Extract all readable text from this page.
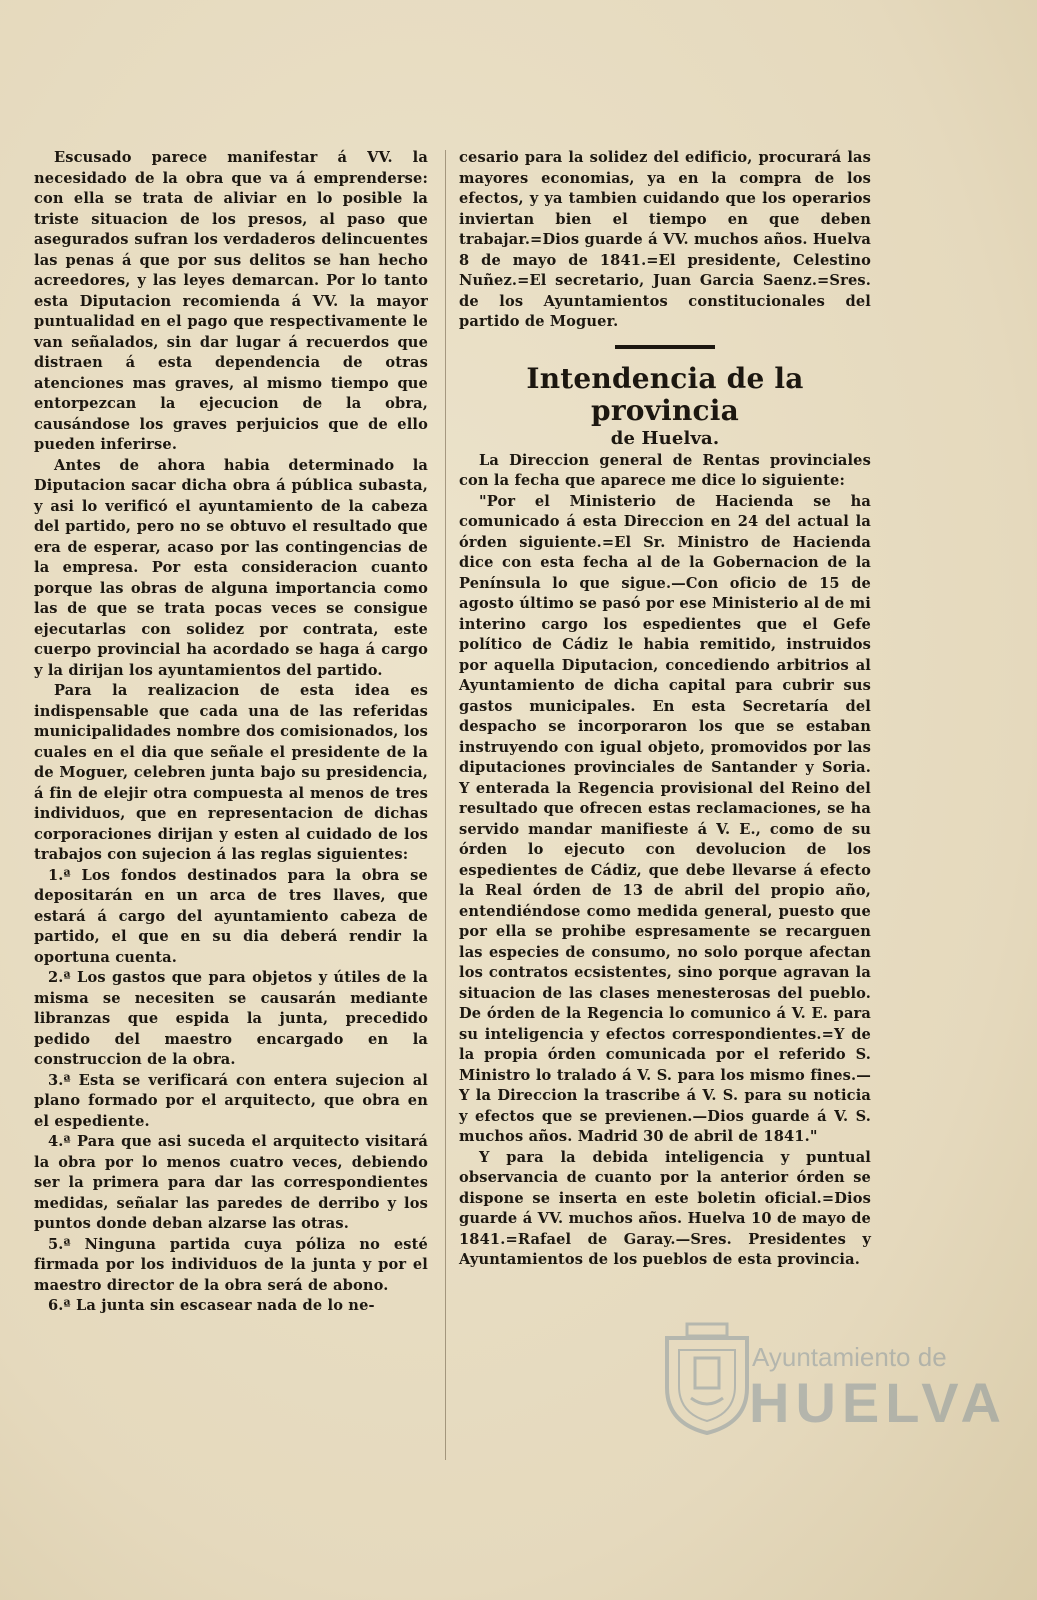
Escusado parece manifestar á VV. la necesidado de la obra que va á emprenderse: con ella se trata de aliviar en lo posible la triste situacion de los presos, al paso que asegurados sufran los verdaderos delincuentes las penas á que por sus delitos se han hecho acreedores, y las leyes demarcan. Por lo tanto esta Diputacion recomienda á VV. la mayor puntualidad en el pago que respectivamente le van señalados, sin dar lugar á recuerdos que distraen á esta dependencia de otras atenciones mas graves, al mismo tiempo que entorpezcan la ejecucion de la obra, causándose los graves perjuicios que de ello pueden inferirse.

Antes de ahora habia determinado la Diputacion sacar dicha obra á pública subasta, y asi lo verificó el ayuntamiento de la cabeza del partido, pero no se obtuvo el resultado que era de esperar, acaso por las contingencias de la empresa. Por esta consideracion cuanto porque las obras de alguna importancia como las de que se trata pocas veces se consigue ejecutarlas con solidez por contrata, este cuerpo provincial ha acordado se haga á cargo y la dirijan los ayuntamientos del partido.

Para la realizacion de esta idea es indispensable que cada una de las referidas municipalidades nombre dos comisionados, los cuales en el dia que señale el presidente de la de Moguer, celebren junta bajo su presidencia, á fin de elejir otra compuesta al menos de tres individuos, que en representacion de dichas corporaciones dirijan y esten al cuidado de los trabajos con sujecion á las reglas siguientes:

1.ª Los fondos destinados para la obra se depositarán en un arca de tres llaves, que estará á cargo del ayuntamiento cabeza de partido, el que en su dia deberá rendir la oportuna cuenta.

2.ª Los gastos que para objetos y útiles de la misma se necesiten se causarán mediante libranzas que espida la junta, precedido pedido del maestro encargado en la construccion de la obra.

3.ª Esta se verificará con entera sujecion al plano formado por el arquitecto, que obra en el espediente.

4.ª Para que asi suceda el arquitecto visitará la obra por lo menos cuatro veces, debiendo ser la primera para dar las correspondientes medidas, señalar las paredes de derribo y los puntos donde deban alzarse las otras.

5.ª Ninguna partida cuya póliza no esté firmada por los individuos de la junta y por el maestro director de la obra será de abono.

6.ª La junta sin escasear nada de lo ne-

cesario para la solidez del edificio, procurará las mayores economias, ya en la compra de los efectos, y ya tambien cuidando que los operarios inviertan bien el tiempo en que deben trabajar.=Dios guarde á VV. muchos años. Huelva 8 de mayo de 1841.=El presidente, Celestino Nuñez.=El secretario, Juan Garcia Saenz.=Sres. de los Ayuntamientos constitucionales del partido de Moguer.

Intendencia de la provincia

de Huelva.

La Direccion general de Rentas provinciales con la fecha que aparece me dice lo siguiente:

"Por el Ministerio de Hacienda se ha comunicado á esta Direccion en 24 del actual la órden siguiente.=El Sr. Ministro de Hacienda dice con esta fecha al de la Gobernacion de la Península lo que sigue.—Con oficio de 15 de agosto último se pasó por ese Ministerio al de mi interino cargo los espedientes que el Gefe político de Cádiz le habia remitido, instruidos por aquella Diputacion, concediendo arbitrios al Ayuntamiento de dicha capital para cubrir sus gastos municipales. En esta Secretaría del despacho se incorporaron los que se estaban instruyendo con igual objeto, promovidos por las diputaciones provinciales de Santander y Soria. Y enterada la Regencia provisional del Reino del resultado que ofrecen estas reclamaciones, se ha servido mandar manifieste á V. E., como de su órden lo ejecuto con devolucion de los espedientes de Cádiz, que debe llevarse á efecto la Real órden de 13 de abril del propio año, entendiéndose como medida general, puesto que por ella se prohibe espresamente se recarguen las especies de consumo, no solo porque afectan los contratos ecsistentes, sino porque agravan la situacion de las clases menesterosas del pueblo. De órden de la Regencia lo comunico á V. E. para su inteligencia y efectos correspondientes.=Y de la propia órden comunicada por el referido S. Ministro lo tralado á V. S. para los mismo fines.—Y la Direccion la trascribe á V. S. para su noticia y efectos que se previenen.—Dios guarde á V. S. muchos años. Madrid 30 de abril de 1841."

Y para la debida inteligencia y puntual observancia de cuanto por la anterior órden se dispone se inserta en este boletin oficial.=Dios guarde á VV. muchos años. Huelva 10 de mayo de 1841.=Rafael de Garay.—Sres. Presidentes y Ayuntamientos de los pueblos de esta provincia.

Ayuntamiento de
HUELVA
